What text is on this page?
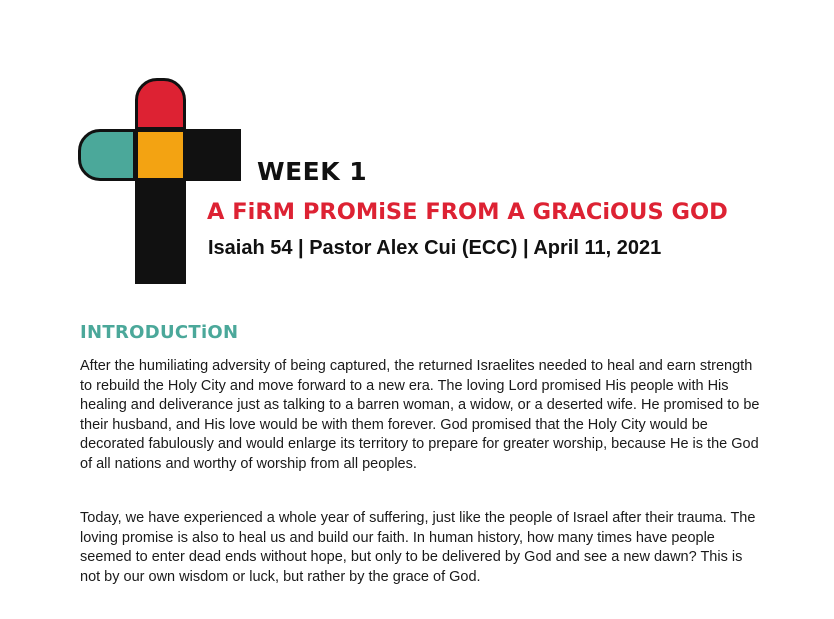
WEEK 1
A FiRM PROMiSE FROM A GRACiOUS GOD
Isaiah 54 | Pastor Alex Cui (ECC) | April 11, 2021
INTRODUCTiON

After the humiliating adversity of being captured, the returned Israelites needed to heal and earn strength to rebuild the Holy City and move forward to a new era. The loving Lord promised His people with His healing and deliverance just as talking to a barren woman, a widow, or a deserted wife. He promised to be their husband, and His love would be with them forever. God promised that the Holy City would be decorated fabulously and would enlarge its territory to prepare for greater worship, because He is the God of all nations and worthy of worship from all peoples.

Today, we have experienced a whole year of suffering, just like the people of Israel after their trauma. The loving promise is also to heal us and build our faith. In human history, how many times have people seemed to enter dead ends without hope, but only to be delivered by God and see a new dawn? This is not by our own wisdom or luck, but rather by the grace of God.
